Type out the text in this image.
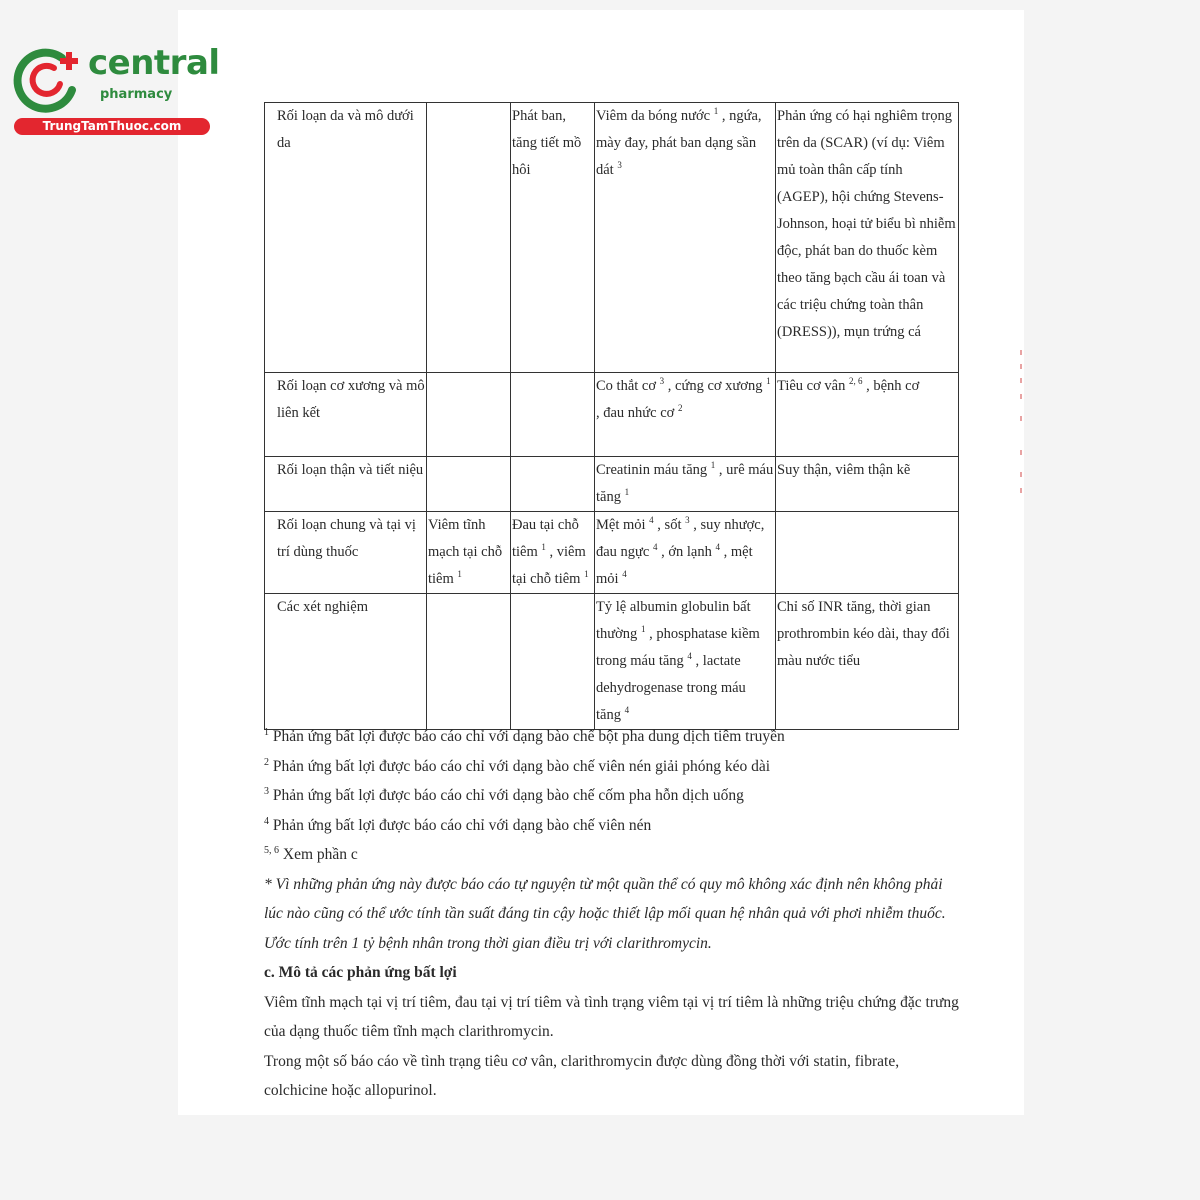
central
pharmacy
TrungTamThuoc.com
Rối loạn da và mô dưới da		Phát ban, tăng tiết mồ hôi	Viêm da bóng nước $^1$ , ngứa, mày đay, phát ban dạng sần dát $^3$	Phản ứng có hại nghiêm trọng trên da (SCAR) (ví dụ: Viêm mủ toàn thân cấp tính (AGEP), hội chứng Stevens-Johnson, hoại tử biểu bì nhiễm độc, phát ban do thuốc kèm theo tăng bạch cầu ái toan và các triệu chứng toàn thân (DRESS)), mụn trứng cá
Rối loạn cơ xương và mô liên kết			Co thắt cơ $^3$ , cứng cơ xương $^1$ , đau nhức cơ $^2$	Tiêu cơ vân $^{2, 6}$ , bệnh cơ
Rối loạn thận và tiết niệu			Creatinin máu tăng $^1$ , urê máu tăng $^1$	Suy thận, viêm thận kẽ
Rối loạn chung và tại vị trí dùng thuốc	Viêm tĩnh mạch tại chỗ tiêm $^1$	Đau tại chỗ tiêm $^1$ , viêm tại chỗ tiêm $^1$	Mệt mỏi $^4$ , sốt $^3$ , suy nhược, đau ngực $^4$ , ớn lạnh $^4$ , mệt mỏi $^4$	
Các xét nghiệm			Tỷ lệ albumin globulin bất thường $^1$ , phosphatase kiềm trong máu tăng $^4$ , lactate dehydrogenase trong máu tăng $^4$	Chỉ số INR tăng, thời gian prothrombin kéo dài, thay đổi màu nước tiểu
$^1$ Phản ứng bất lợi được báo cáo chỉ với dạng bào chế bột pha dung dịch tiêm truyền
$^2$ Phản ứng bất lợi được báo cáo chỉ với dạng bào chế viên nén giải phóng kéo dài
$^3$ Phản ứng bất lợi được báo cáo chỉ với dạng bào chế cốm pha hỗn dịch uống
$^4$ Phản ứng bất lợi được báo cáo chỉ với dạng bào chế viên nén
$^{5, 6}$ Xem phần c
* Vì những phản ứng này được báo cáo tự nguyện từ một quần thể có quy mô không xác định nên không phải lúc nào cũng có thể ước tính tần suất đáng tin cậy hoặc thiết lập mối quan hệ nhân quả với phơi nhiễm thuốc. Ước tính trên 1 tỷ bệnh nhân trong thời gian điều trị với clarithromycin.
c. Mô tả các phản ứng bất lợi
Viêm tĩnh mạch tại vị trí tiêm, đau tại vị trí tiêm và tình trạng viêm tại vị trí tiêm là những triệu chứng đặc trưng của dạng thuốc tiêm tĩnh mạch clarithromycin.
Trong một số báo cáo về tình trạng tiêu cơ vân, clarithromycin được dùng đồng thời với statin, fibrate, colchicine hoặc allopurinol.
